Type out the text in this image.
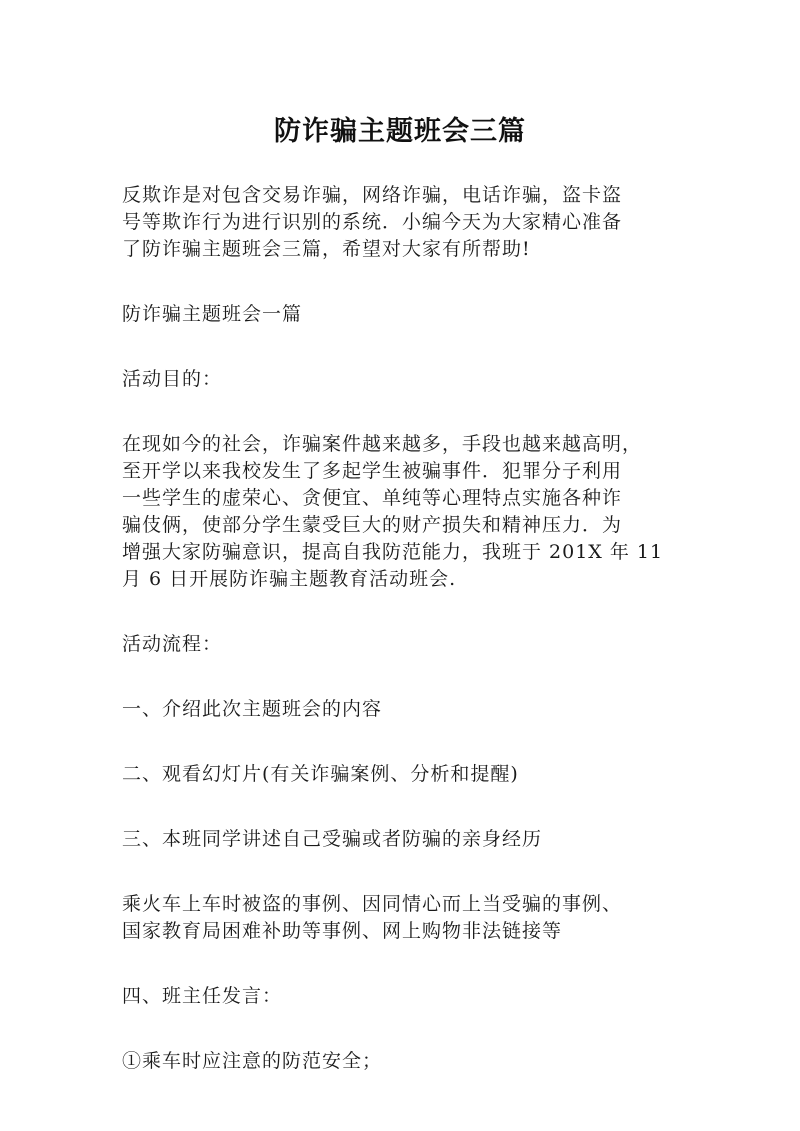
防诈骗主题班会三篇

反欺诈是对包含交易诈骗，网络诈骗，电话诈骗，盗卡盗
号等欺诈行为进行识别的系统．小编今天为大家精心准备
了防诈骗主题班会三篇，希望对大家有所帮助!

防诈骗主题班会一篇

活动目的：

在现如今的社会，诈骗案件越来越多，手段也越来越高明，
至开学以来我校发生了多起学生被骗事件．犯罪分子利用
一些学生的虚荣心、贪便宜、单纯等心理特点实施各种诈
骗伎俩，使部分学生蒙受巨大的财产损失和精神压力．为
增强大家防骗意识，提高自我防范能力，我班于 201X 年 11
月 6 日开展防诈骗主题教育活动班会.

活动流程：

一、介绍此次主题班会的内容

二、观看幻灯片(有关诈骗案例、分析和提醒)

三、本班同学讲述自己受骗或者防骗的亲身经历

乘火车上车时被盗的事例、因同情心而上当受骗的事例、
国家教育局困难补助等事例、网上购物非法链接等

四、班主任发言：

①乘车时应注意的防范安全；
